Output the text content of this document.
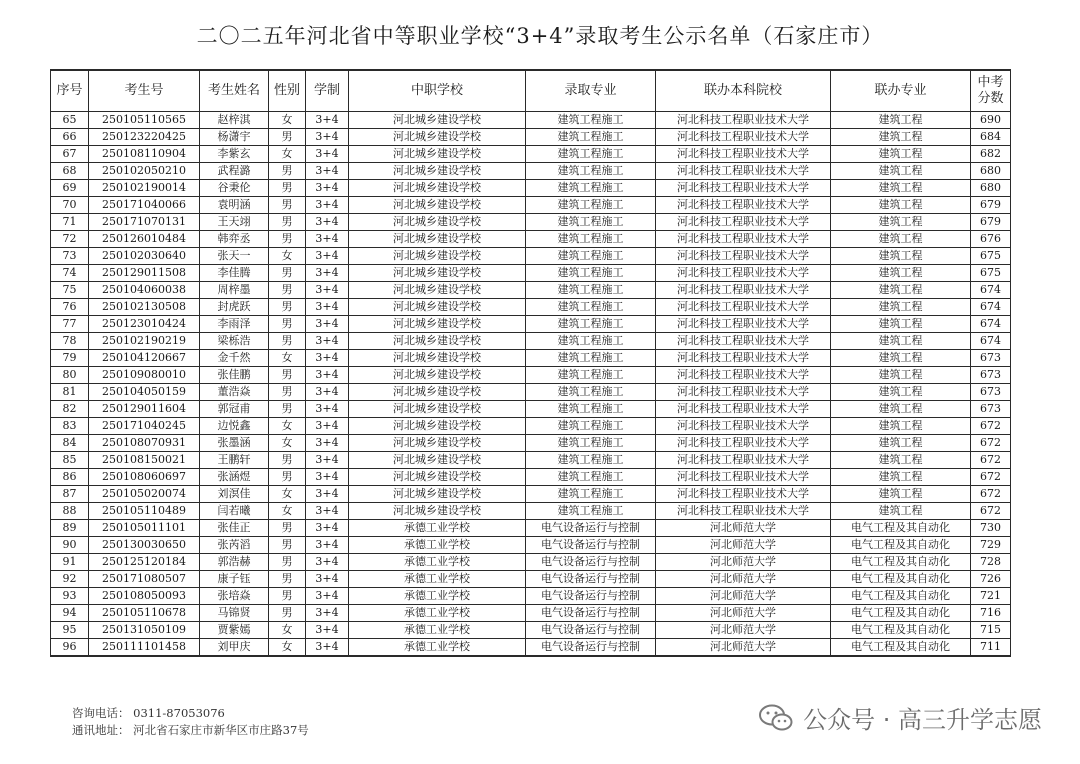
二〇二五年河北省中等职业学校“3+4”录取考生公示名单（石家庄市）
序号	考生号	考生姓名	性别	学制	中职学校	录取专业	联办本科院校	联办专业	中考
分数
65	250105110565	赵梓淇	女	3+4	河北城乡建设学校	建筑工程施工	河北科技工程职业技术大学	建筑工程	690
66	250123220425	杨潇宇	男	3+4	河北城乡建设学校	建筑工程施工	河北科技工程职业技术大学	建筑工程	684
67	250108110904	李紫玄	女	3+4	河北城乡建设学校	建筑工程施工	河北科技工程职业技术大学	建筑工程	682
68	250102050210	武程潞	男	3+4	河北城乡建设学校	建筑工程施工	河北科技工程职业技术大学	建筑工程	680
69	250102190014	谷秉伦	男	3+4	河北城乡建设学校	建筑工程施工	河北科技工程职业技术大学	建筑工程	680
70	250171040066	袁明涵	男	3+4	河北城乡建设学校	建筑工程施工	河北科技工程职业技术大学	建筑工程	679
71	250171070131	王天翊	男	3+4	河北城乡建设学校	建筑工程施工	河北科技工程职业技术大学	建筑工程	679
72	250126010484	韩弈丞	男	3+4	河北城乡建设学校	建筑工程施工	河北科技工程职业技术大学	建筑工程	676
73	250102030640	张天一	女	3+4	河北城乡建设学校	建筑工程施工	河北科技工程职业技术大学	建筑工程	675
74	250129011508	李佳腾	男	3+4	河北城乡建设学校	建筑工程施工	河北科技工程职业技术大学	建筑工程	675
75	250104060038	周梓墨	男	3+4	河北城乡建设学校	建筑工程施工	河北科技工程职业技术大学	建筑工程	674
76	250102130508	封虎跃	男	3+4	河北城乡建设学校	建筑工程施工	河北科技工程职业技术大学	建筑工程	674
77	250123010424	李雨泽	男	3+4	河北城乡建设学校	建筑工程施工	河北科技工程职业技术大学	建筑工程	674
78	250102190219	梁栎浩	男	3+4	河北城乡建设学校	建筑工程施工	河北科技工程职业技术大学	建筑工程	674
79	250104120667	金千然	女	3+4	河北城乡建设学校	建筑工程施工	河北科技工程职业技术大学	建筑工程	673
80	250109080010	张佳鹏	男	3+4	河北城乡建设学校	建筑工程施工	河北科技工程职业技术大学	建筑工程	673
81	250104050159	董浩焱	男	3+4	河北城乡建设学校	建筑工程施工	河北科技工程职业技术大学	建筑工程	673
82	250129011604	郭冠甫	男	3+4	河北城乡建设学校	建筑工程施工	河北科技工程职业技术大学	建筑工程	673
83	250171040245	边悦鑫	女	3+4	河北城乡建设学校	建筑工程施工	河北科技工程职业技术大学	建筑工程	672
84	250108070931	张墨涵	女	3+4	河北城乡建设学校	建筑工程施工	河北科技工程职业技术大学	建筑工程	672
85	250108150021	王鹏轩	男	3+4	河北城乡建设学校	建筑工程施工	河北科技工程职业技术大学	建筑工程	672
86	250108060697	张涵煜	男	3+4	河北城乡建设学校	建筑工程施工	河北科技工程职业技术大学	建筑工程	672
87	250105020074	刘溟佳	女	3+4	河北城乡建设学校	建筑工程施工	河北科技工程职业技术大学	建筑工程	672
88	250105110489	闫若曦	女	3+4	河北城乡建设学校	建筑工程施工	河北科技工程职业技术大学	建筑工程	672
89	250105011101	张佳正	男	3+4	承德工业学校	电气设备运行与控制	河北师范大学	电气工程及其自动化	730
90	250130030650	张芮滔	男	3+4	承德工业学校	电气设备运行与控制	河北师范大学	电气工程及其自动化	729
91	250125120184	郭浩赫	男	3+4	承德工业学校	电气设备运行与控制	河北师范大学	电气工程及其自动化	728
92	250171080507	康子钰	男	3+4	承德工业学校	电气设备运行与控制	河北师范大学	电气工程及其自动化	726
93	250108050093	张培焱	男	3+4	承德工业学校	电气设备运行与控制	河北师范大学	电气工程及其自动化	721
94	250105110678	马锦贤	男	3+4	承德工业学校	电气设备运行与控制	河北师范大学	电气工程及其自动化	716
95	250131050109	贾紫嫣	女	3+4	承德工业学校	电气设备运行与控制	河北师范大学	电气工程及其自动化	715
96	250111101458	刘甲庆	女	3+4	承德工业学校	电气设备运行与控制	河北师范大学	电气工程及其自动化	711
咨询电话： 0311-87053076
通讯地址： 河北省石家庄市新华区市庄路37号	公众号 · 高三升学志愿
